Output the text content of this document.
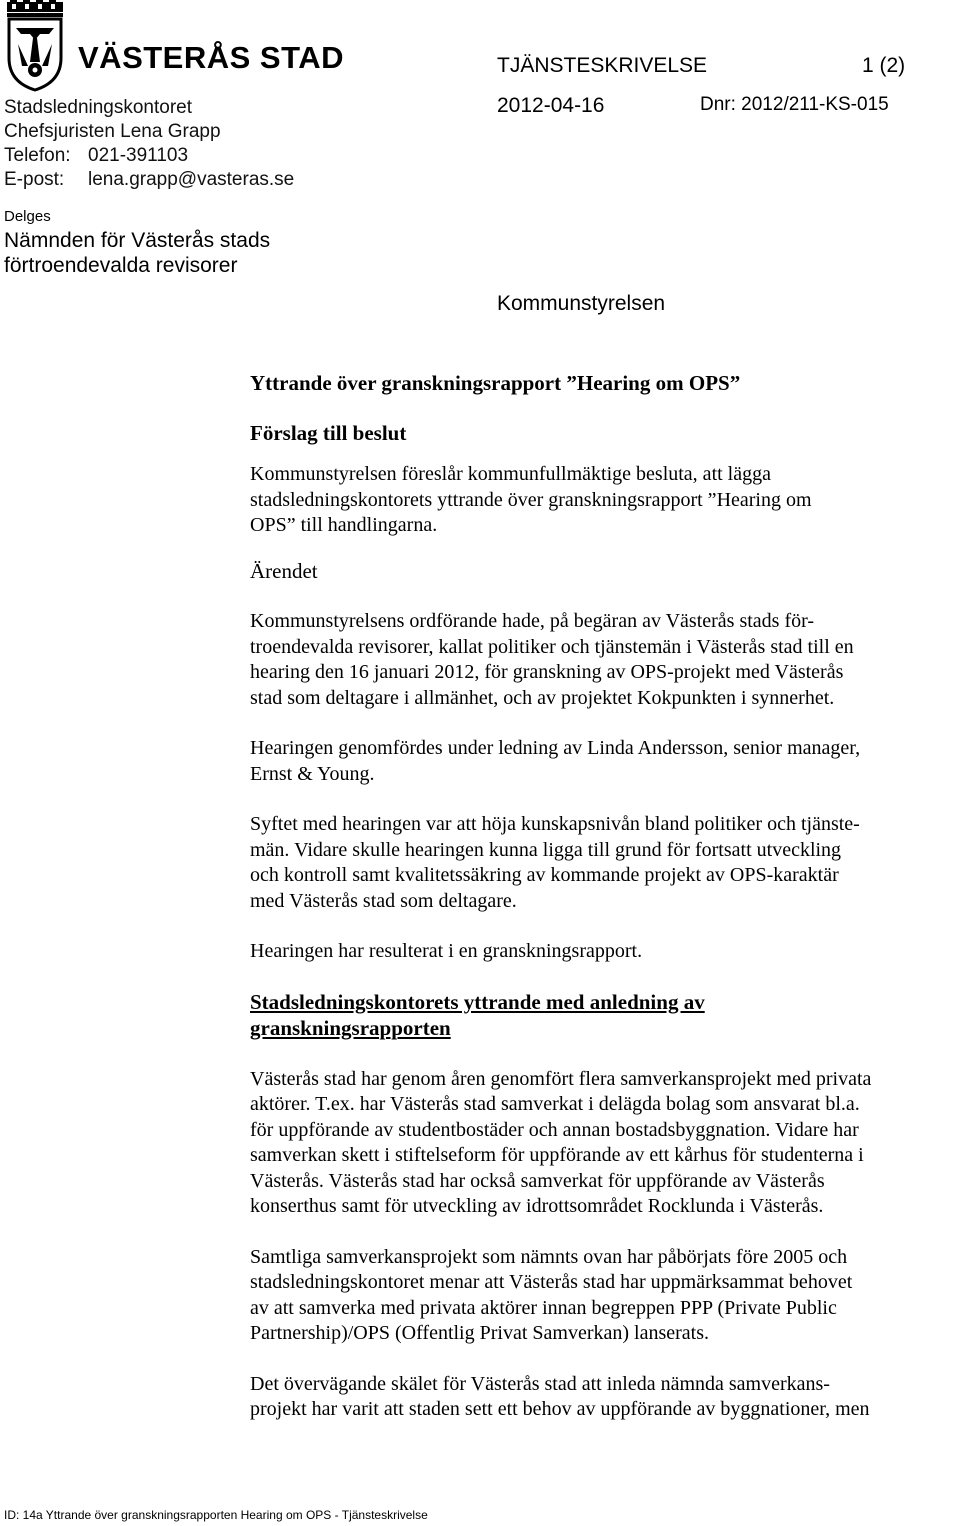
VÄSTERÅS STAD	TJÄNSTESKRIVELSE	1 (2)
2012-04-16	Dnr: 2012/211-KS-015
Stadsledningskontoret
Chefsjuristen Lena Grapp
Telefon: 021-391103
E-post: lena.grapp@vasteras.se
Delges
Nämnden för Västerås stads
förtroendevalda revisorer
Kommunstyrelsen
Yttrande över granskningsrapport ”Hearing om OPS”
Förslag till beslut
Kommunstyrelsen föreslår kommunfullmäktige besluta, att lägga
stadsledningskontorets yttrande över granskningsrapport ”Hearing om
OPS” till handlingarna.
Ärendet
Kommunstyrelsens ordförande hade, på begäran av Västerås stads för-
troendevalda revisorer, kallat politiker och tjänstemän i Västerås stad till en
hearing den 16 januari 2012, för granskning av OPS-projekt med Västerås
stad som deltagare i allmänhet, och av projektet Kokpunkten i synnerhet.
Hearingen genomfördes under ledning av Linda Andersson, senior manager,
Ernst & Young.
Syftet med hearingen var att höja kunskapsnivån bland politiker och tjänste-
män. Vidare skulle hearingen kunna ligga till grund för fortsatt utveckling
och kontroll samt kvalitetssäkring av kommande projekt av OPS-karaktär
med Västerås stad som deltagare.
Hearingen har resulterat i en granskningsrapport.
Stadsledningskontorets yttrande med anledning av
granskningsrapporten
Västerås stad har genom åren genomfört flera samverkansprojekt med privata
aktörer. T.ex. har Västerås stad samverkat i delägda bolag som ansvarat bl.a.
för uppförande av studentbostäder och annan bostadsbyggnation. Vidare har
samverkan skett i stiftelseform för uppförande av ett kårhus för studenterna i
Västerås. Västerås stad har också samverkat för uppförande av Västerås
konserthus samt för utveckling av idrottsområdet Rocklunda i Västerås.
Samtliga samverkansprojekt som nämnts ovan har påbörjats före 2005 och
stadsledningskontoret menar att Västerås stad har uppmärksammat behovet
av att samverka med privata aktörer innan begreppen PPP (Private Public
Partnership)/OPS (Offentlig Privat Samverkan) lanserats.
Det övervägande skälet för Västerås stad att inleda nämnda samverkans-
projekt har varit att staden sett ett behov av uppförande av byggnationer, men
ID: 14a Yttrande över granskningsrapporten Hearing om OPS - Tjänsteskrivelse
